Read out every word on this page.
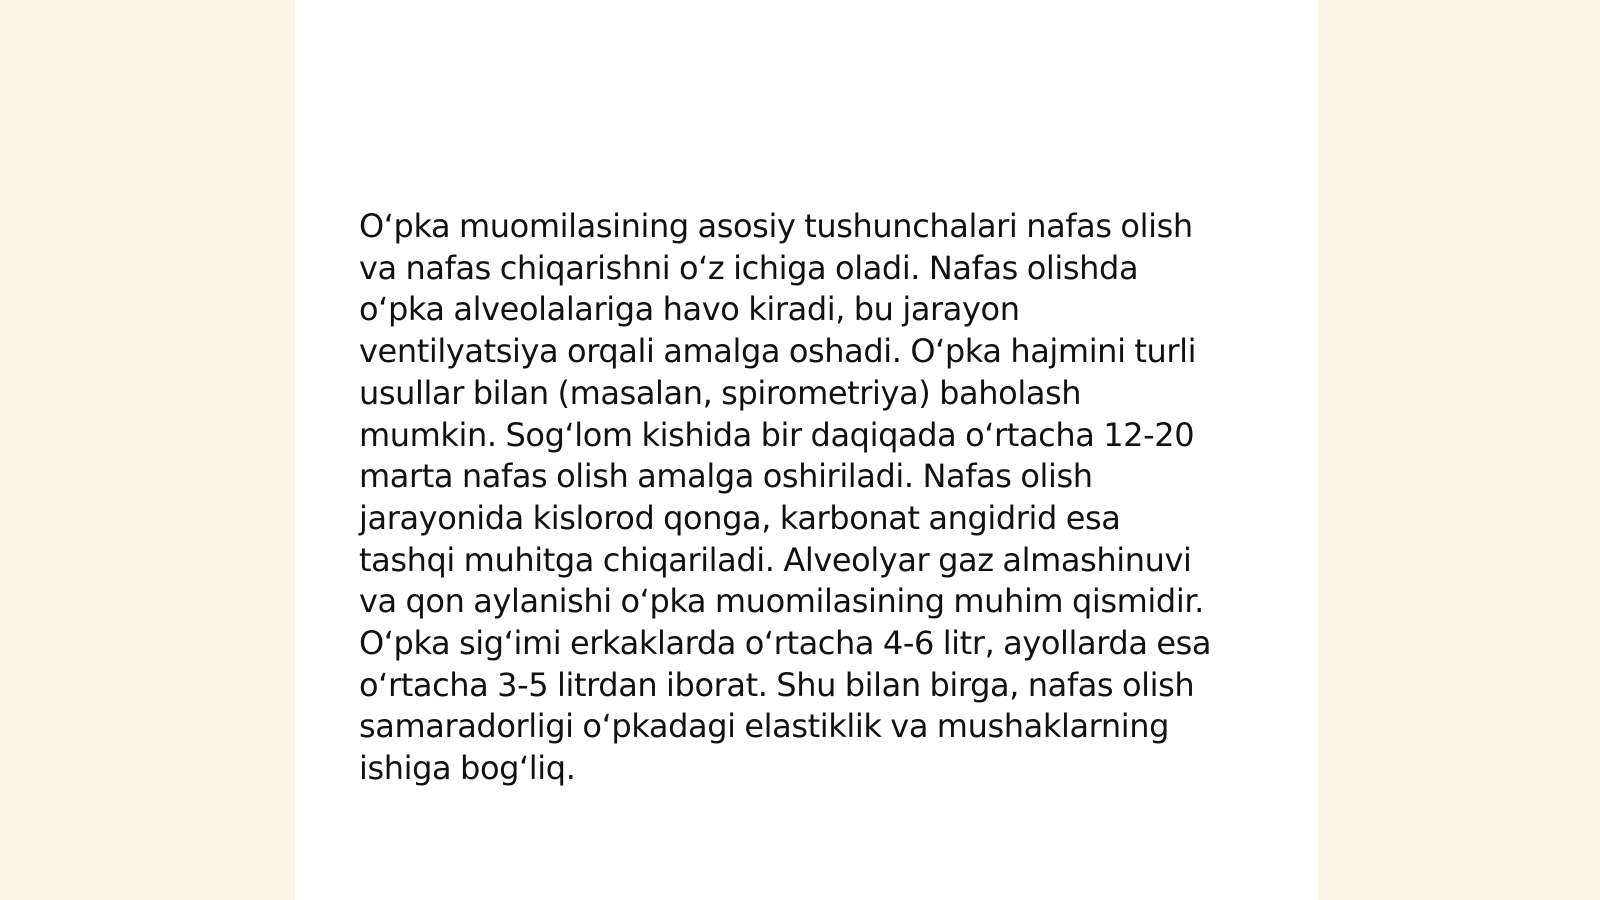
Oʻpka muomilasining asosiy tushunchalari nafas olish
va nafas chiqarishni oʻz ichiga oladi. Nafas olishda
oʻpka alveolalariga havo kiradi, bu jarayon
ventilyatsiya orqali amalga oshadi. Oʻpka hajmini turli
usullar bilan (masalan, spirometriya) baholash
mumkin. Sogʻlom kishida bir daqiqada oʻrtacha 12-20
marta nafas olish amalga oshiriladi. Nafas olish
jarayonida kislorod qonga, karbonat angidrid esa
tashqi muhitga chiqariladi. Alveolyar gaz almashinuvi
va qon aylanishi oʻpka muomilasining muhim qismidir.
Oʻpka sigʻimi erkaklarda oʻrtacha 4-6 litr, ayollarda esa
oʻrtacha 3-5 litrdan iborat. Shu bilan birga, nafas olish
samaradorligi oʻpkadagi elastiklik va mushaklarning
ishiga bogʻliq.
